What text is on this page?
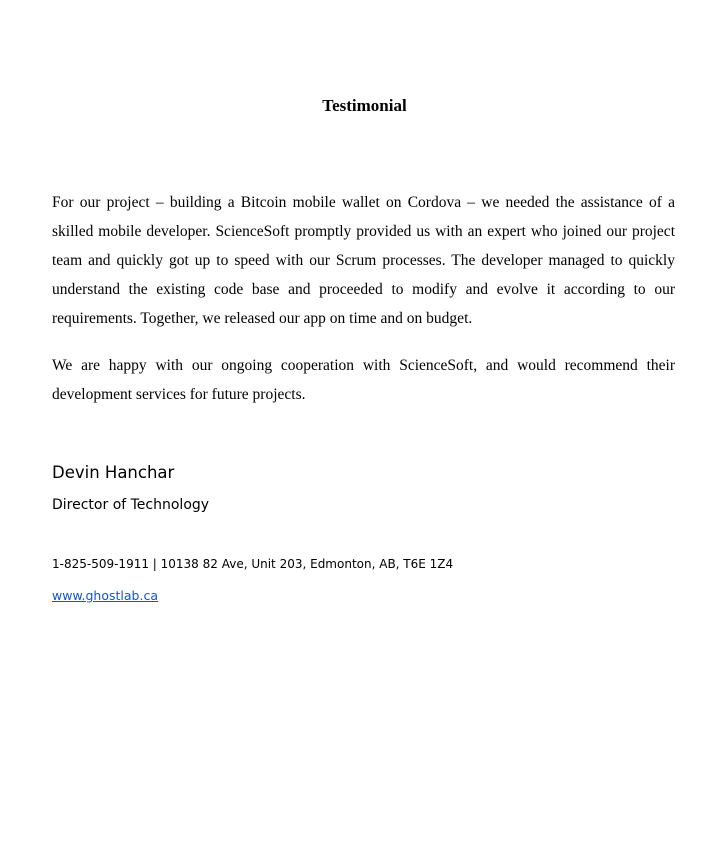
Testimonial

For our project – building a Bitcoin mobile wallet on Cordova – we needed the assistance of a skilled mobile developer. ScienceSoft promptly provided us with an expert who joined our project team and quickly got up to speed with our Scrum processes. The developer managed to quickly understand the existing code base and proceeded to modify and evolve it according to our requirements. Together, we released our app on time and on budget.

We are happy with our ongoing cooperation with ScienceSoft, and would recommend their development services for future projects.

Devin Hanchar
Director of Technology
1-825-509-1911 | 10138 82 Ave, Unit 203, Edmonton, AB, T6E 1Z4
www.ghostlab.ca
